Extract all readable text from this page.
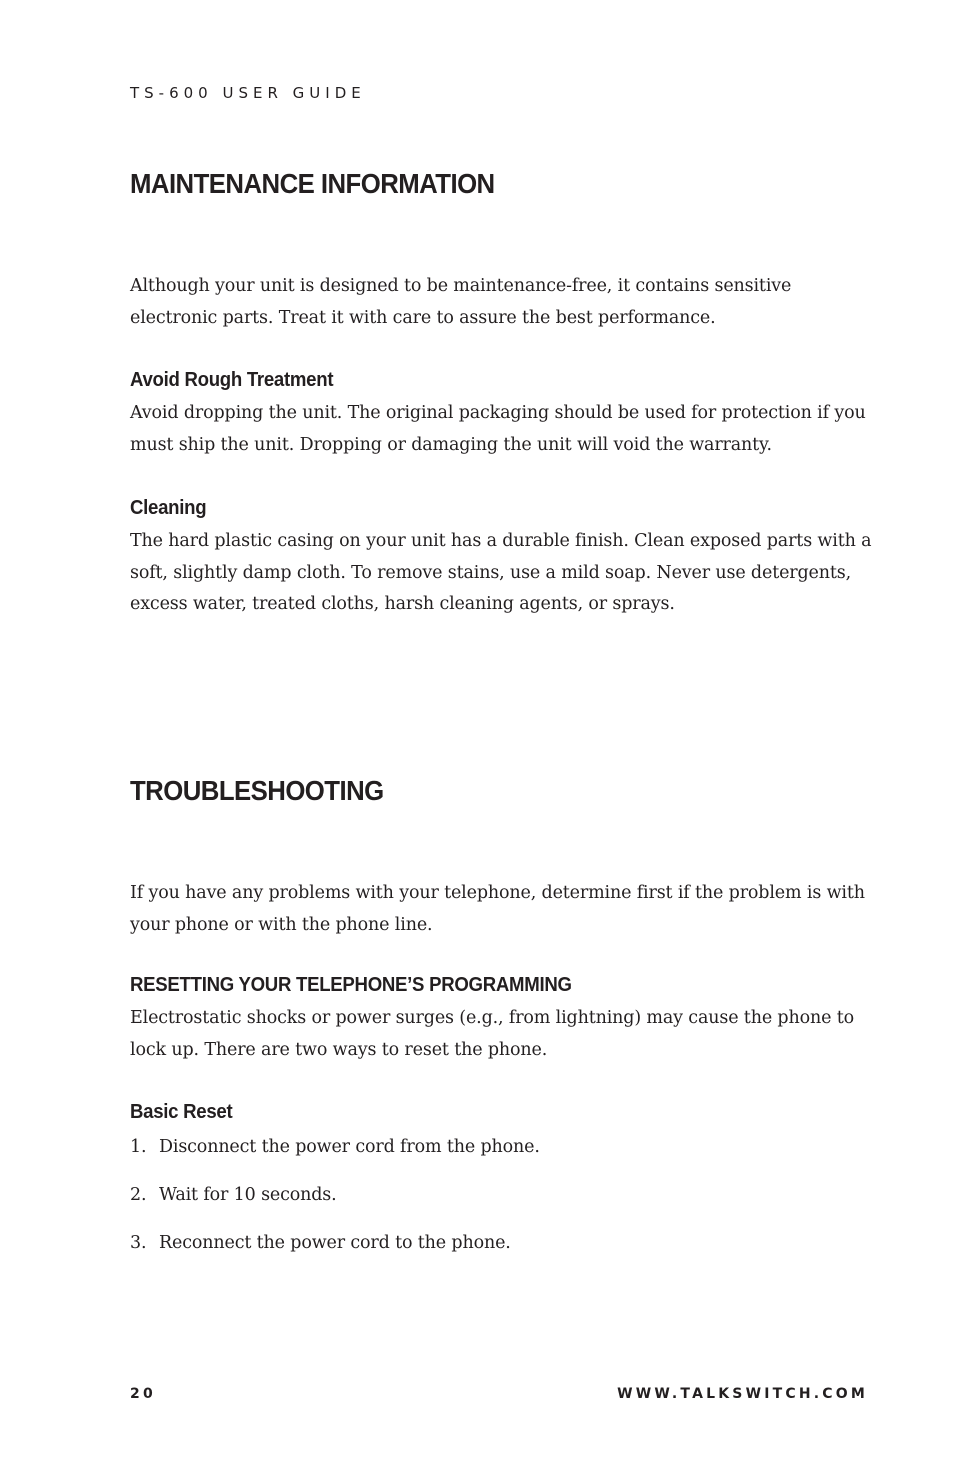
TS-600 USER GUIDE
MAINTENANCE INFORMATION

Although your unit is designed to be maintenance-free, it contains sensitive electronic parts. Treat it with care to assure the best performance.

Avoid Rough Treatment

Avoid dropping the unit. The original packaging should be used for protection if you must ship the unit. Dropping or damaging the unit will void the warranty.

Cleaning

The hard plastic casing on your unit has a durable finish. Clean exposed parts with a soft, slightly damp cloth. To remove stains, use a mild soap. Never use detergents, excess water, treated cloths, harsh cleaning agents, or sprays.

TROUBLESHOOTING

If you have any problems with your telephone, determine first if the problem is with your phone or with the phone line.

RESETTING YOUR TELEPHONE’S PROGRAMMING

Electrostatic shocks or power surges (e.g., from lightning) may cause the phone to lock up. There are two ways to reset the phone.

Basic Reset
1. Disconnect the power cord from the phone.
2. Wait for 10 seconds.
3. Reconnect the power cord to the phone.
20	WWW.TALKSWITCH.COM
